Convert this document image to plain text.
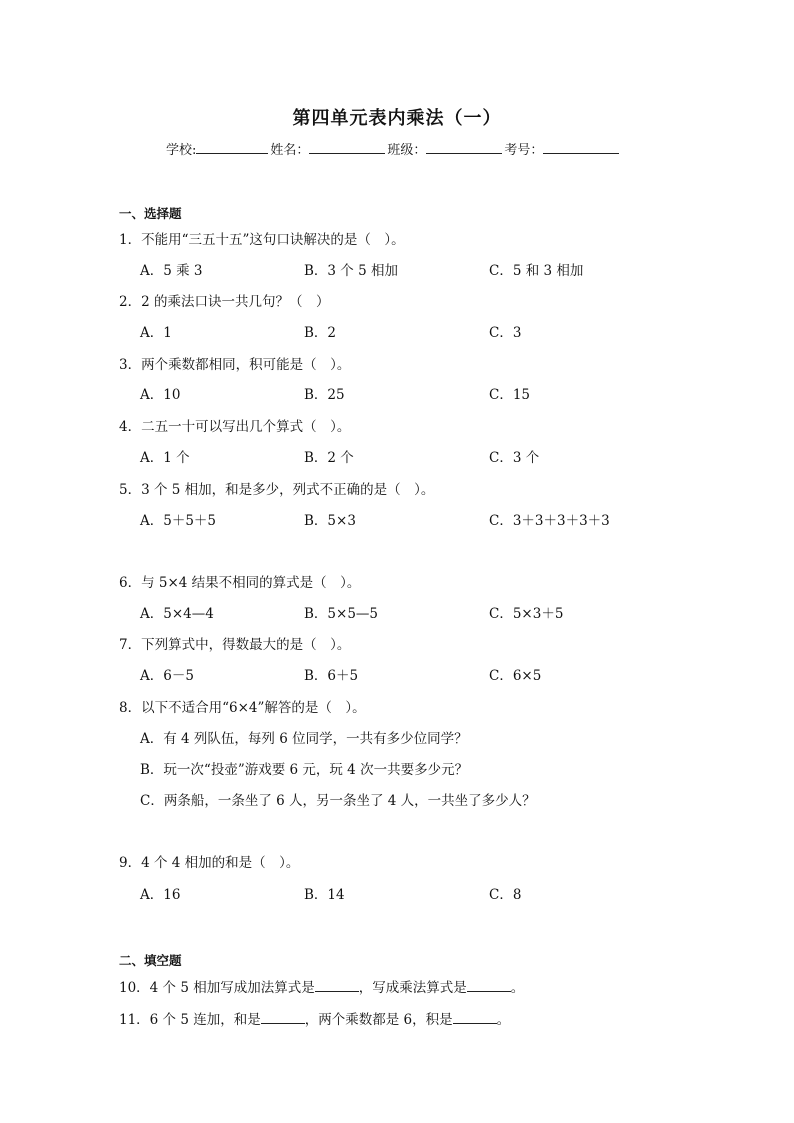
第四单元表内乘法（一）
学校:	姓名：	班级：	考号：
一、选择题
1．不能用“三五十五”这句口诀解决的是（　）。
A．5 乘 3	B．3 个 5 相加	C．5 和 3 相加
2．2 的乘法口诀一共几句？（　）
A．1	B．2	C．3
3．两个乘数都相同，积可能是（　）。
A．10	B．25	C．15
4．二五一十可以写出几个算式（　）。
A．1 个	B．2 个	C．3 个
5．3 个 5 相加，和是多少，列式不正确的是（　）。
A．5＋5＋5	B．5×3	C．3＋3＋3＋3＋3
6．与 5×4 结果不相同的算式是（　）。
A．5×4—4	B．5×5—5	C．5×3＋5
7．下列算式中，得数最大的是（　）。
A．6－5	B．6＋5	C．6×5
8．以下不适合用“6×4”解答的是（　）。
A．有 4 列队伍，每列 6 位同学，一共有多少位同学？
B．玩一次“投壶”游戏要 6 元，玩 4 次一共要多少元？
C．两条船，一条坐了 6 人，另一条坐了 4 人，一共坐了多少人？
9．4 个 4 相加的和是（　）。
A．16	B．14	C．8
二、填空题
10．4 个 5 相加写成加法算式是	，写成乘法算式是	。
11．6 个 5 连加，和是	，两个乘数都是 6，积是	。
